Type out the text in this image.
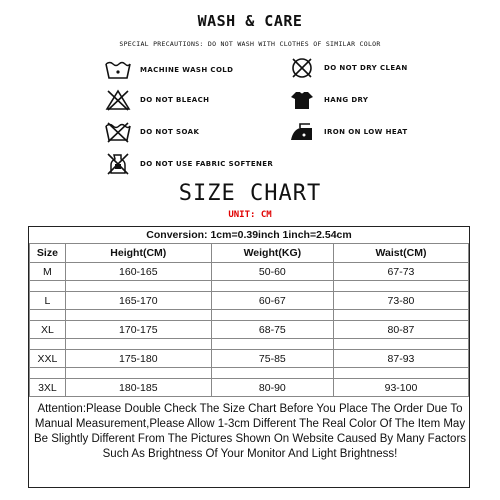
WASH & CARE
SPECIAL PRECAUTIONS: DO NOT WASH WITH CLOTHES OF SIMILAR COLOR
MACHINE WASH COLD	DO NOT DRY CLEAN
DO NOT BLEACH	HANG DRY
DO NOT SOAK	IRON ON LOW HEAT
DO NOT USE FABRIC SOFTENER
SIZE CHART
UNIT: CM
Conversion: 1cm=0.39inch 1inch=2.54cm
Size	Height(CM)	Weight(KG)	Waist(CM)
M	160-165	50-60	67-73

L	165-170	60-67	73-80

XL	170-175	68-75	80-87

XXL	175-180	75-85	87-93

3XL	180-185	80-90	93-100
Attention:Please Double Check The Size Chart Before You Place The Order Due To Manual Measurement,Please Allow 1-3cm Different The Real Color Of The Item May Be Slightly Different From The Pictures Shown On Website Caused By Many Factors Such As Brightness Of Your Monitor And Light Brightness!
